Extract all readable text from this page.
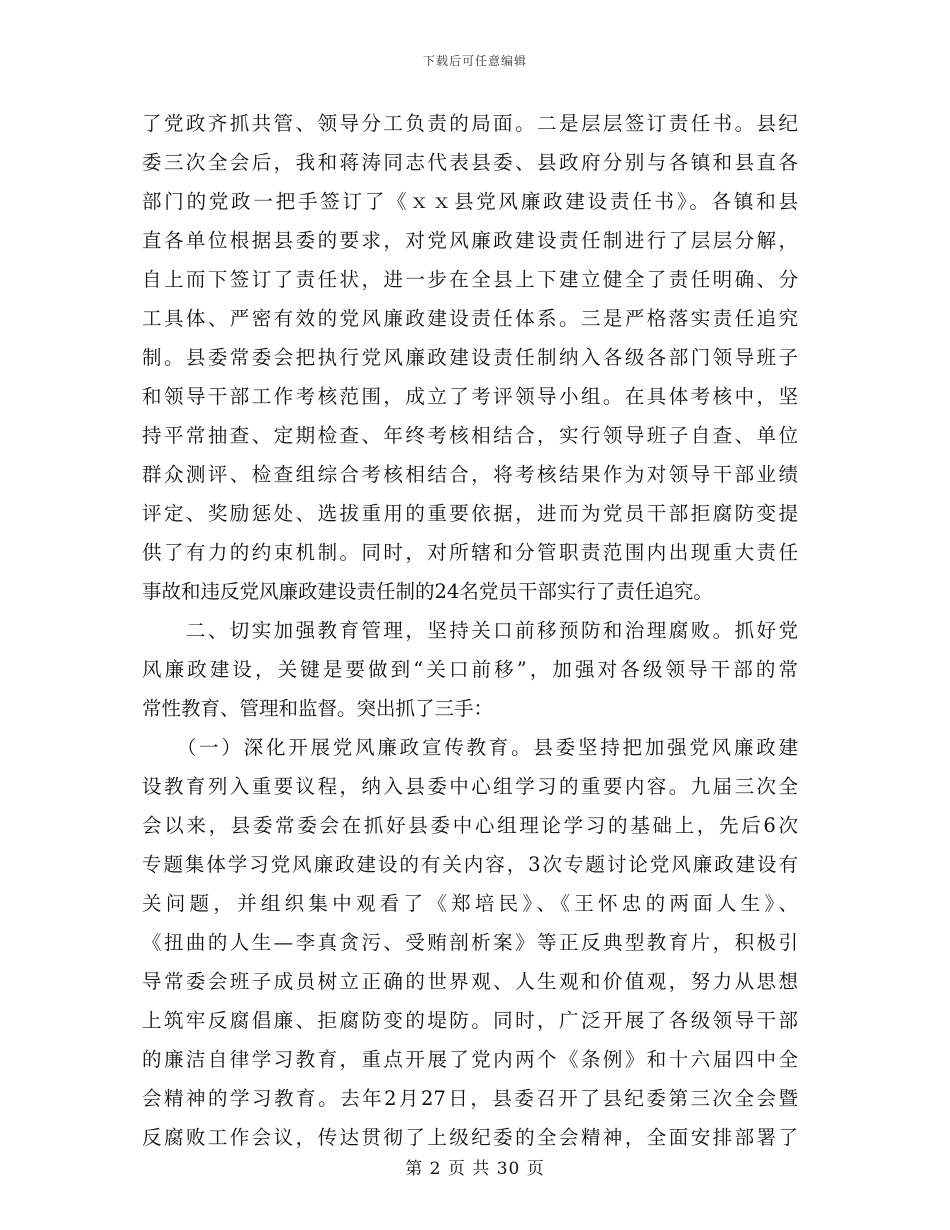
下载后可任意编辑
了党政齐抓共管、领导分工负责的局面。二是层层签订责任书。县纪
委三次全会后，我和蒋涛同志代表县委、县政府分别与各镇和县直各
部门的党政一把手签订了《ｘｘ县党风廉政建设责任书》。各镇和县
直各单位根据县委的要求，对党风廉政建设责任制进行了层层分解，
自上而下签订了责任状，进一步在全县上下建立健全了责任明确、分
工具体、严密有效的党风廉政建设责任体系。三是严格落实责任追究
制。县委常委会把执行党风廉政建设责任制纳入各级各部门领导班子
和领导干部工作考核范围，成立了考评领导小组。在具体考核中，坚
持平常抽查、定期检查、年终考核相结合，实行领导班子自查、单位
群众测评、检查组综合考核相结合，将考核结果作为对领导干部业绩
评定、奖励惩处、选拔重用的重要依据，进而为党员干部拒腐防变提
供了有力的约束机制。同时，对所辖和分管职责范围内出现重大责任
事故和违反党风廉政建设责任制的24名党员干部实行了责任追究。
　　二、切实加强教育管理，坚持关口前移预防和治理腐败。抓好党
风廉政建设，关键是要做到“关口前移”，加强对各级领导干部的常
常性教育、管理和监督。突出抓了三手：
　　（一）深化开展党风廉政宣传教育。县委坚持把加强党风廉政建
设教育列入重要议程，纳入县委中心组学习的重要内容。九届三次全
会以来，县委常委会在抓好县委中心组理论学习的基础上，先后6次
专题集体学习党风廉政建设的有关内容，3次专题讨论党风廉政建设有
关问题，并组织集中观看了《郑培民》、《王怀忠的两面人生》、
《扭曲的人生—李真贪污、受贿剖析案》等正反典型教育片，积极引
导常委会班子成员树立正确的世界观、人生观和价值观，努力从思想
上筑牢反腐倡廉、拒腐防变的堤防。同时，广泛开展了各级领导干部
的廉洁自律学习教育，重点开展了党内两个《条例》和十六届四中全
会精神的学习教育。去年2月27日，县委召开了县纪委第三次全会暨
反腐败工作会议，传达贯彻了上级纪委的全会精神，全面安排部署了
第 2 页 共 30 页
